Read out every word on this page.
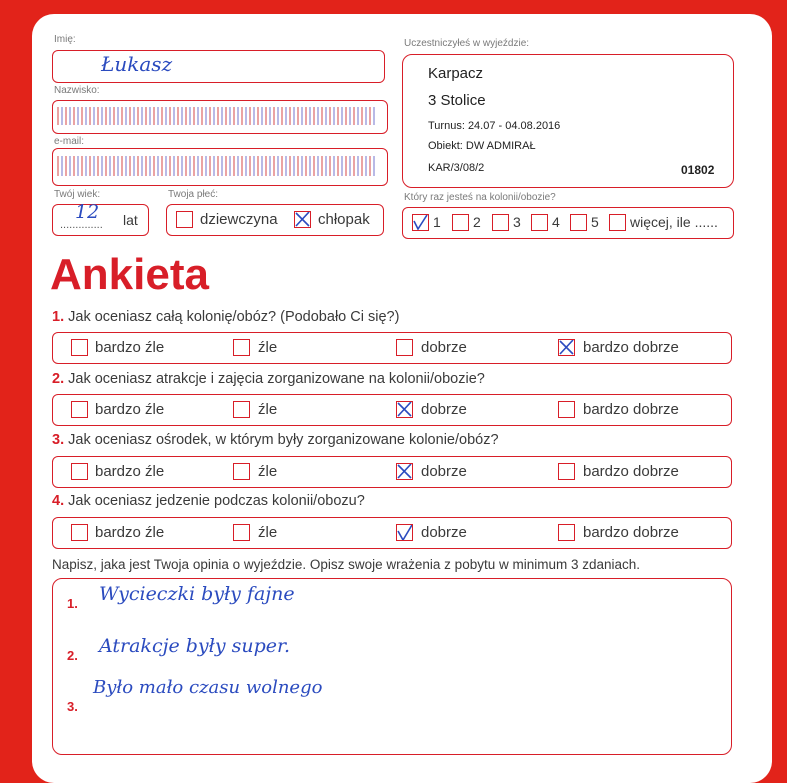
Imię:
Łukasz
Nazwisko:
e-mail:
Twój wiek:
..............
12 lat
Twoja płeć:
dziewczyna	chłopak
Uczestniczyłeś w wyjeździe:
Karpacz
3 Stolice
Turnus: 24.07 - 04.08.2016
Obiekt: DW ADMIRAŁ
KAR/3/08/2	01802
Który raz jesteś na kolonii/obozie?
1 2 3 4 5 więcej, ile ......
Ankieta
1. Jak oceniasz całą kolonię/obóz? (Podobało Ci się?)
bardzo źle	źle	dobrze	bardzo dobrze
2. Jak oceniasz atrakcje i zajęcia zorganizowane na kolonii/obozie?
bardzo źle	źle	dobrze	bardzo dobrze
3. Jak oceniasz ośrodek, w którym były zorganizowane kolonie/obóz?
bardzo źle	źle	dobrze	bardzo dobrze
4. Jak oceniasz jedzenie podczas kolonii/obozu?
bardzo źle	źle	dobrze	bardzo dobrze
Napisz, jaka jest Twoja opinia o wyjeździe. Opisz swoje wrażenia z pobytu w minimum 3 zdaniach.
1. Wycieczki były fajne
2. Atrakcje były super.
3.
Było mało czasu wolnego
